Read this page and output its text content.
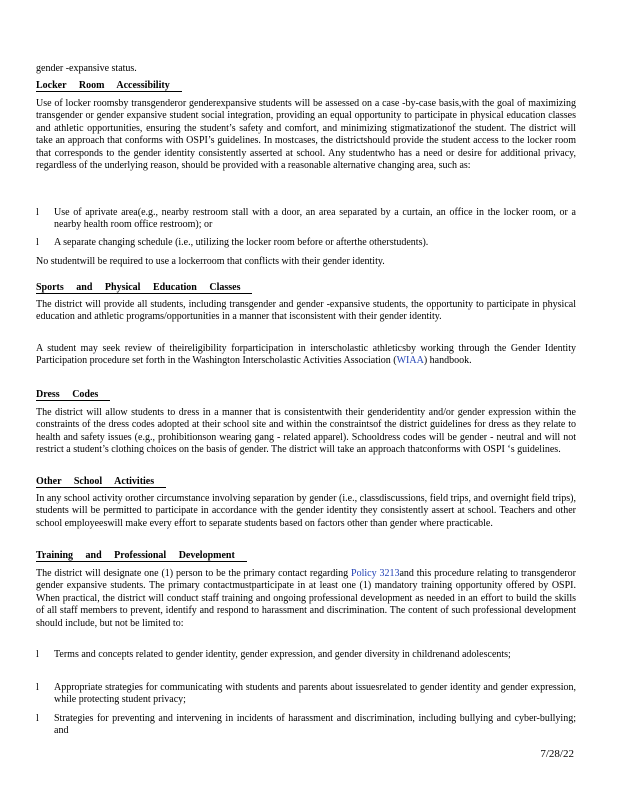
gender -expansive status.

Locker Room Accessibility

Use of locker roomsby transgenderor genderexpansive students will be assessed on a case -by-case basis,with the goal of maximizing transgender or gender expansive student social integration, providing an equal opportunity to participate in physical education classes and athletic opportunities, ensuring the student’s safety and comfort, and minimizing stigmatizationof the student. The district will take an approach that conforms with OSPI’s guidelines. In mostcases, the districtshould provide the student access to the locker room that corresponds to the gender identity consistently asserted at school. Any studentwho has a need or desire for additional privacy, regardless of the underlying reason, should be provided with a reasonable alternative changing area, such as:

l	Use of aprivate area(e.g., nearby restroom stall with a door, an area separated by a curtain, an office in the locker room, or a nearby health room office restroom); or
l	A separate changing schedule (i.e., utilizing the locker room before or afterthe otherstudents).

No studentwill be required to use a lockerroom that conflicts with their gender identity.

Sports and Physical Education Classes

The district will provide all students, including transgender and gender -expansive students, the opportunity to participate in physical education and athletic programs/opportunities in a manner that isconsistent with their gender identity.

A student may seek review of theireligibility forparticipation in interscholastic athleticsby working through the Gender Identity Participation procedure set forth in the Washington Interscholastic Activities Association (WIAA) handbook.

Dress Codes

The district will allow students to dress in a manner that is consistentwith their genderidentity and/or gender expression within the constraints of the dress codes adopted at their school site and within the constraintsof the district guidelines for dress as they relate to health and safety issues (e.g., prohibitionson wearing gang - related apparel). Schooldress codes will be gender - neutral and will not restrict a student’s clothing choices on the basis of gender. The district will take an approach thatconforms with OSPI ‘s guidelines.

Other School Activities

In any school activity orother circumstance involving separation by gender (i.e., classdiscussions, field trips, and overnight field trips), students will be permitted to participate in accordance with the gender identity they consistently assert at school. Teachers and other school employeeswill make every effort to separate students based on factors other than gender where practicable.

Training and Professional Development

The district will designate one (1) person to be the primary contact regarding Policy 3213and this procedure relating to transgenderor gender expansive students. The primary contactmustparticipate in at least one (1) mandatory training opportunity offered by OSPI. When practical, the district will conduct staff training and ongoing professional development as needed in an effort to build the skills of all staff members to prevent, identify and respond to harassment and discrimination. The content of such professional development should include, but not be limited to:

l	Terms and concepts related to gender identity, gender expression, and gender diversity in childrenand adolescents;
l	Appropriate strategies for communicating with students and parents about issuesrelated to gender identity and gender expression, while protecting student privacy;
l	Strategies for preventing and intervening in incidents of harassment and discrimination, including bullying and cyber-bullying; and
7/28/22
